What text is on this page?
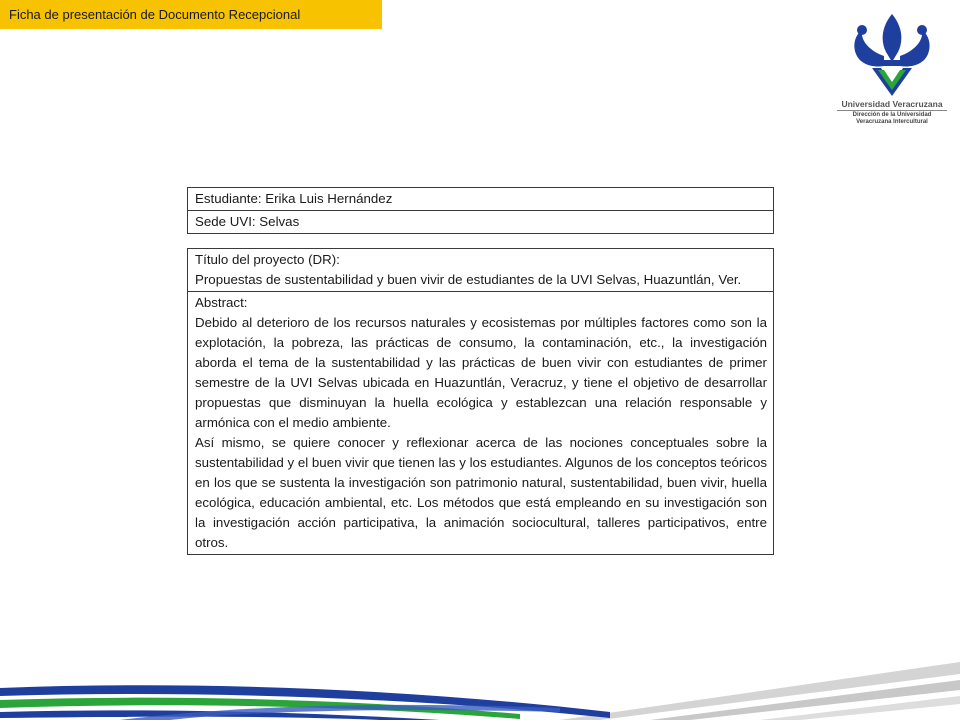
Ficha de presentación de Documento Recepcional
Universidad Veracruzana
Dirección de la Universidad
Veracruzana Intercultural
Estudiante: Erika Luis Hernández
Sede UVI: Selvas
Título del proyecto (DR):
Propuestas de sustentabilidad y buen vivir de estudiantes de la UVI Selvas, Huazuntlán, Ver.

Abstract:
Debido al deterioro de los recursos naturales y ecosistemas por múltiples factores como son la explotación, la pobreza, las prácticas de consumo, la contaminación, etc., la investigación aborda el tema de la sustentabilidad y las prácticas de buen vivir con estudiantes de primer semestre de la UVI Selvas ubicada en Huazuntlán, Veracruz, y tiene el objetivo de desarrollar propuestas que disminuyan la huella ecológica y establezcan una relación responsable y armónica con el medio ambiente.
Así mismo, se quiere conocer y reflexionar acerca de las nociones conceptuales sobre la sustentabilidad y el buen vivir que tienen las y los estudiantes. Algunos de los conceptos teóricos en los que se sustenta la investigación son patrimonio natural, sustentabilidad, buen vivir, huella ecológica, educación ambiental, etc. Los métodos que está empleando en su investigación son la investigación acción participativa, la animación sociocultural, talleres participativos, entre otros.
